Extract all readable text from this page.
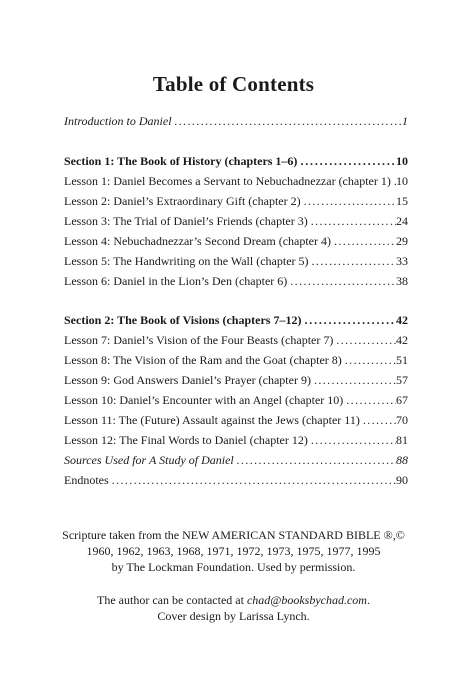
Table of Contents
Introduction to Daniel . . .	1
Section 1: The Book of History (chapters 1–6) . . .	10
Lesson 1: Daniel Becomes a Servant to Nebuchadnezzar (chapter 1) . . . 10
Lesson 2: Daniel’s Extraordinary Gift (chapter 2) . . .	15
Lesson 3: The Trial of Daniel’s Friends (chapter 3) . . .	24
Lesson 4: Nebuchadnezzar’s Second Dream (chapter 4) . . .	29
Lesson 5: The Handwriting on the Wall (chapter 5) . . .	33
Lesson 6: Daniel in the Lion’s Den (chapter 6) . . .	38
Section 2: The Book of Visions (chapters 7–12) . . .	42
Lesson 7: Daniel’s Vision of the Four Beasts (chapter 7) . . .	42
Lesson 8: The Vision of the Ram and the Goat (chapter 8) . . .	51
Lesson 9: God Answers Daniel’s Prayer (chapter 9) . . .	57
Lesson 10: Daniel’s Encounter with an Angel (chapter 10) . . .	67
Lesson 11: The (Future) Assault against the Jews (chapter 11) . . .	70
Lesson 12: The Final Words to Daniel (chapter 12) . . .	81
Sources Used for A Study of Daniel . . .	88
Endnotes . . .	90
Scripture taken from the NEW AMERICAN STANDARD BIBLE ®,©
1960, 1962, 1963, 1968, 1971, 1972, 1973, 1975, 1977, 1995
by The Lockman Foundation. Used by permission.
The author can be contacted at chad@booksbychad.com.
Cover design by Larissa Lynch.
